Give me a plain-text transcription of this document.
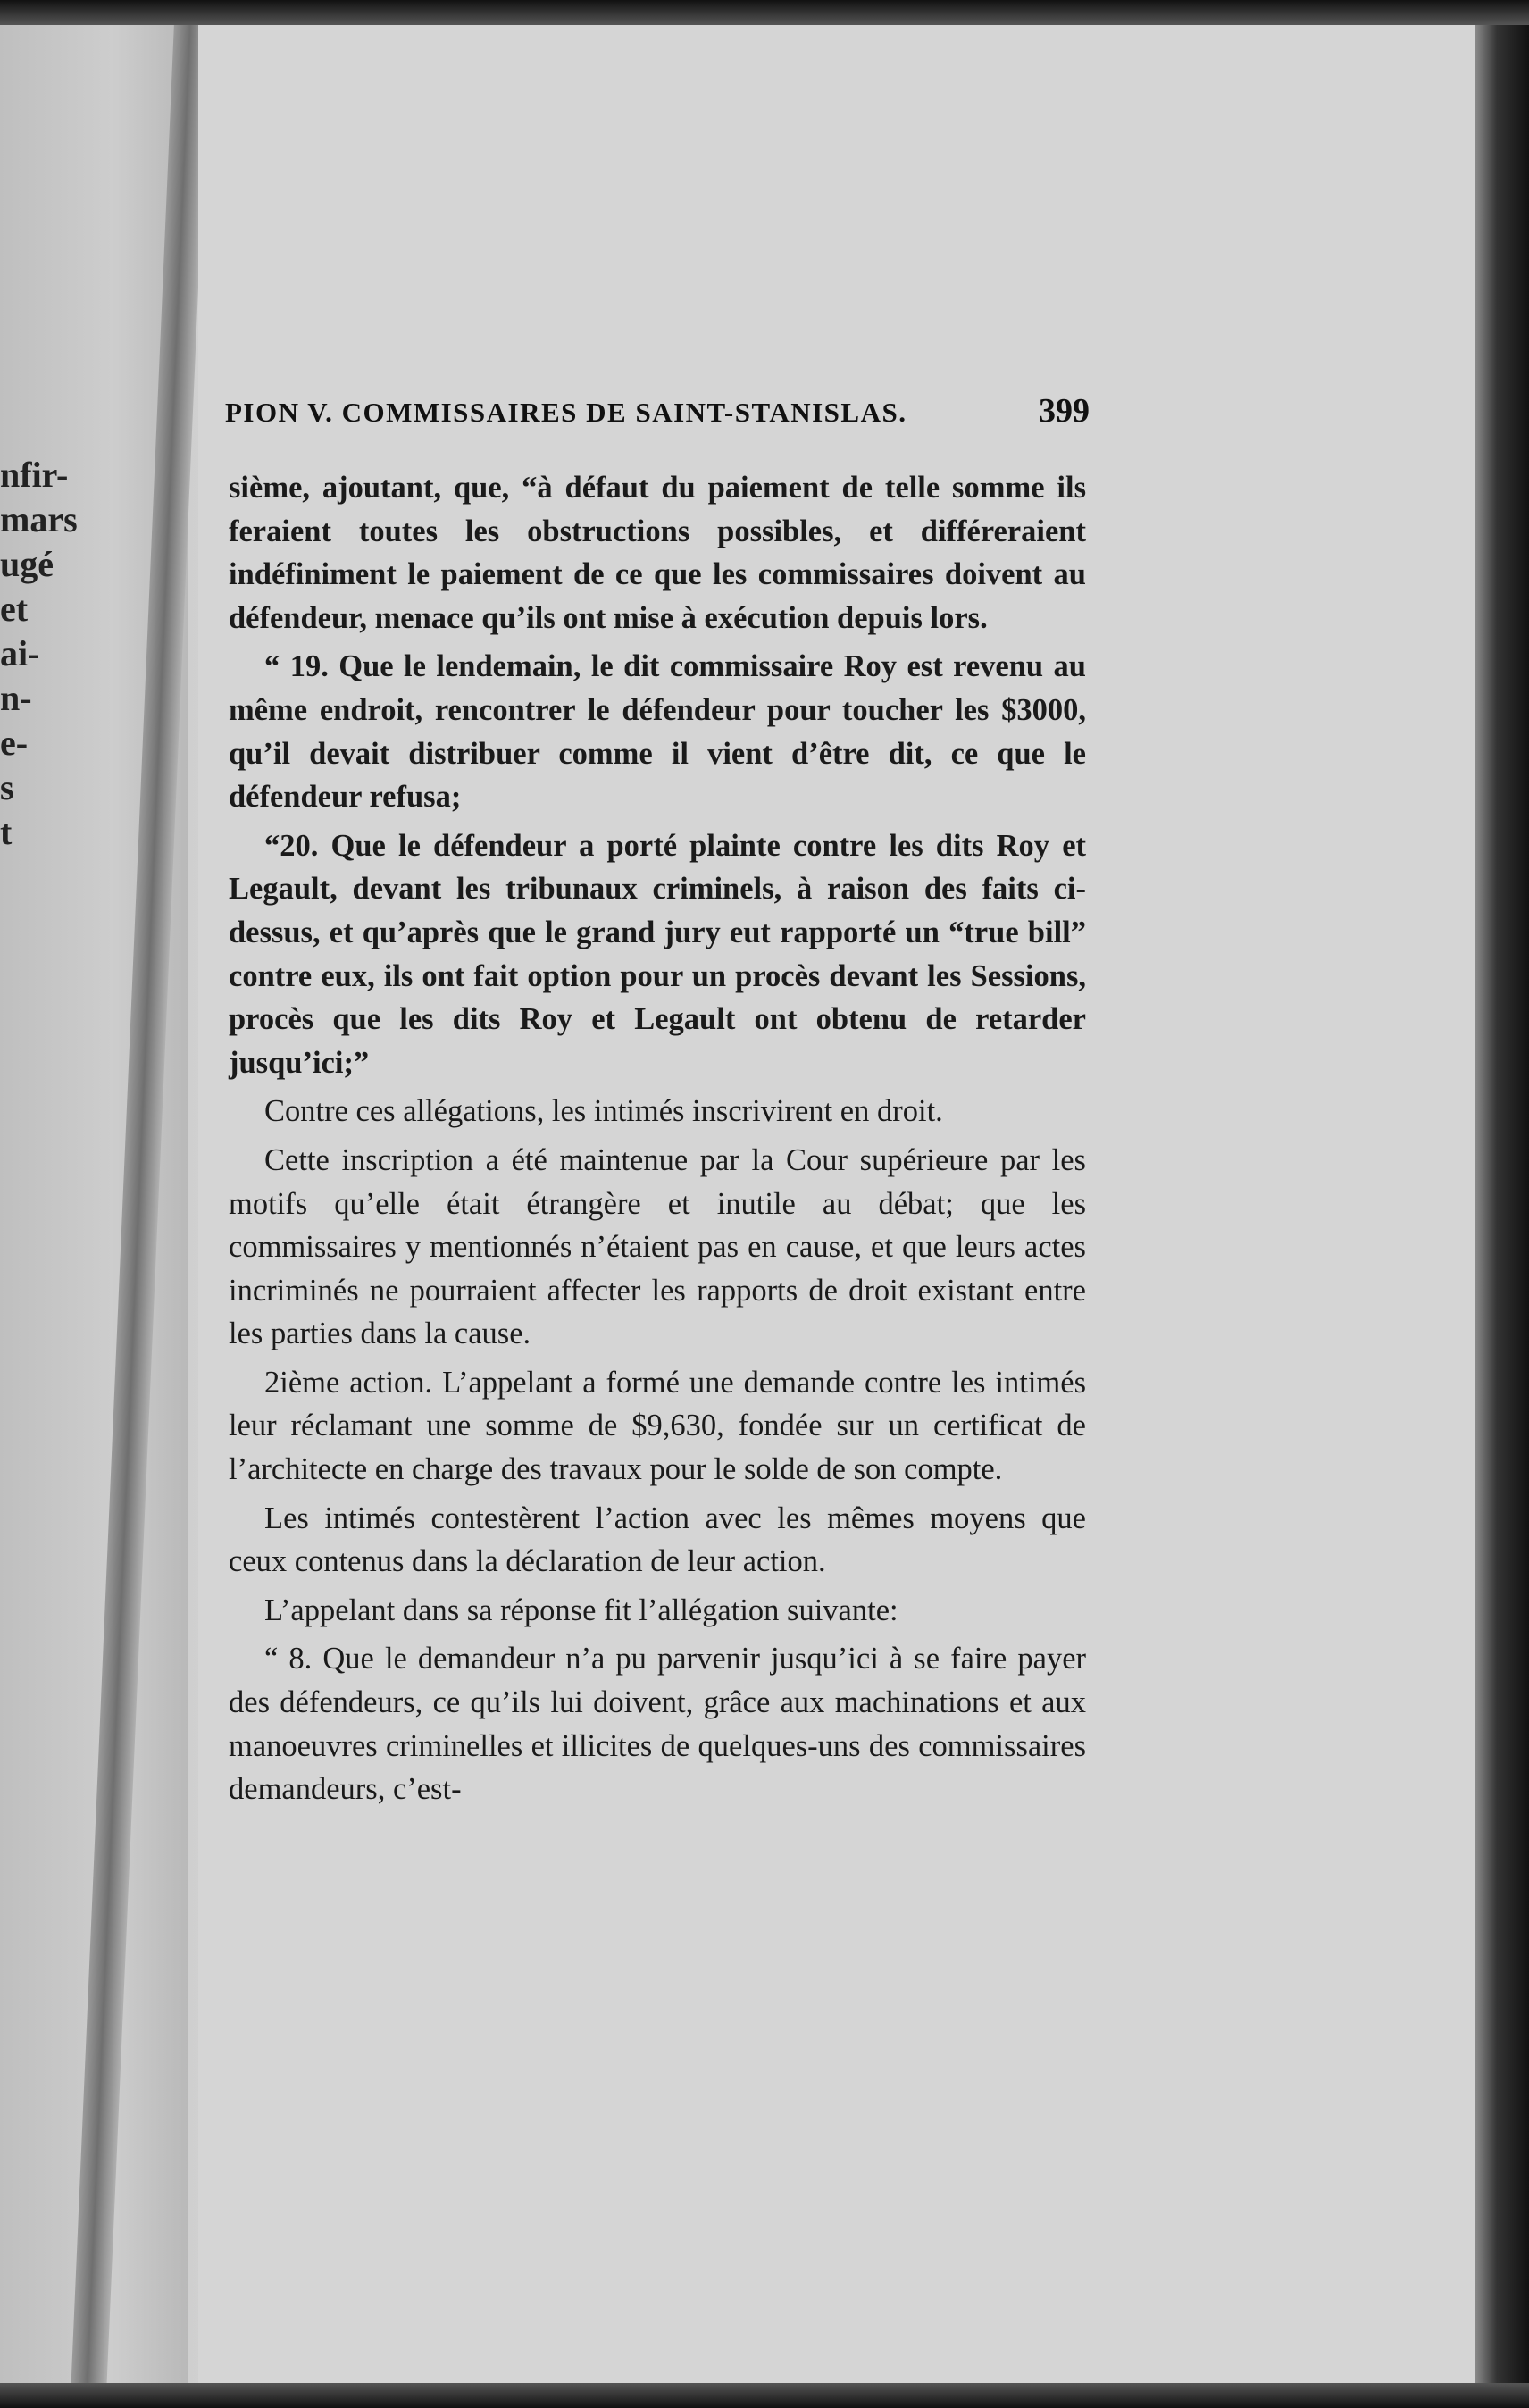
nfir-
mars
ugé
et
ai-
n-
e-
s
t
PION V. COMMISSAIRES DE SAINT-STANISLAS.	399

sième, ajoutant, que, “à défaut du paiement de telle somme ils feraient toutes les obstructions possibles, et différeraient indéfiniment le paiement de ce que les commissaires doivent au défendeur, menace qu’ils ont mise à exécution depuis lors.

“ 19. Que le lendemain, le dit commissaire Roy est revenu au même endroit, rencontrer le défendeur pour toucher les $3000, qu’il devait distribuer comme il vient d’être dit, ce que le défendeur refusa;

“20. Que le défendeur a porté plainte contre les dits Roy et Legault, devant les tribunaux criminels, à raison des faits ci-dessus, et qu’après que le grand jury eut rapporté un “true bill” contre eux, ils ont fait option pour un procès devant les Sessions, procès que les dits Roy et Legault ont obtenu de retarder jusqu’ici;”

Contre ces allégations, les intimés inscrivirent en droit.

Cette inscription a été maintenue par la Cour supérieure par les motifs qu’elle était étrangère et inutile au débat; que les commissaires y mentionnés n’étaient pas en cause, et que leurs actes incriminés ne pourraient affecter les rapports de droit existant entre les parties dans la cause.

2ième action. L’appelant a formé une demande contre les intimés leur réclamant une somme de $9,630, fondée sur un certificat de l’architecte en charge des travaux pour le solde de son compte.

Les intimés contestèrent l’action avec les mêmes moyens que ceux contenus dans la déclaration de leur action.

L’appelant dans sa réponse fit l’allégation suivante:

“ 8. Que le demandeur n’a pu parvenir jusqu’ici à se faire payer des défendeurs, ce qu’ils lui doivent, grâce aux machinations et aux manoeuvres criminelles et illicites de quelques-uns des commissaires demandeurs, c’est-
